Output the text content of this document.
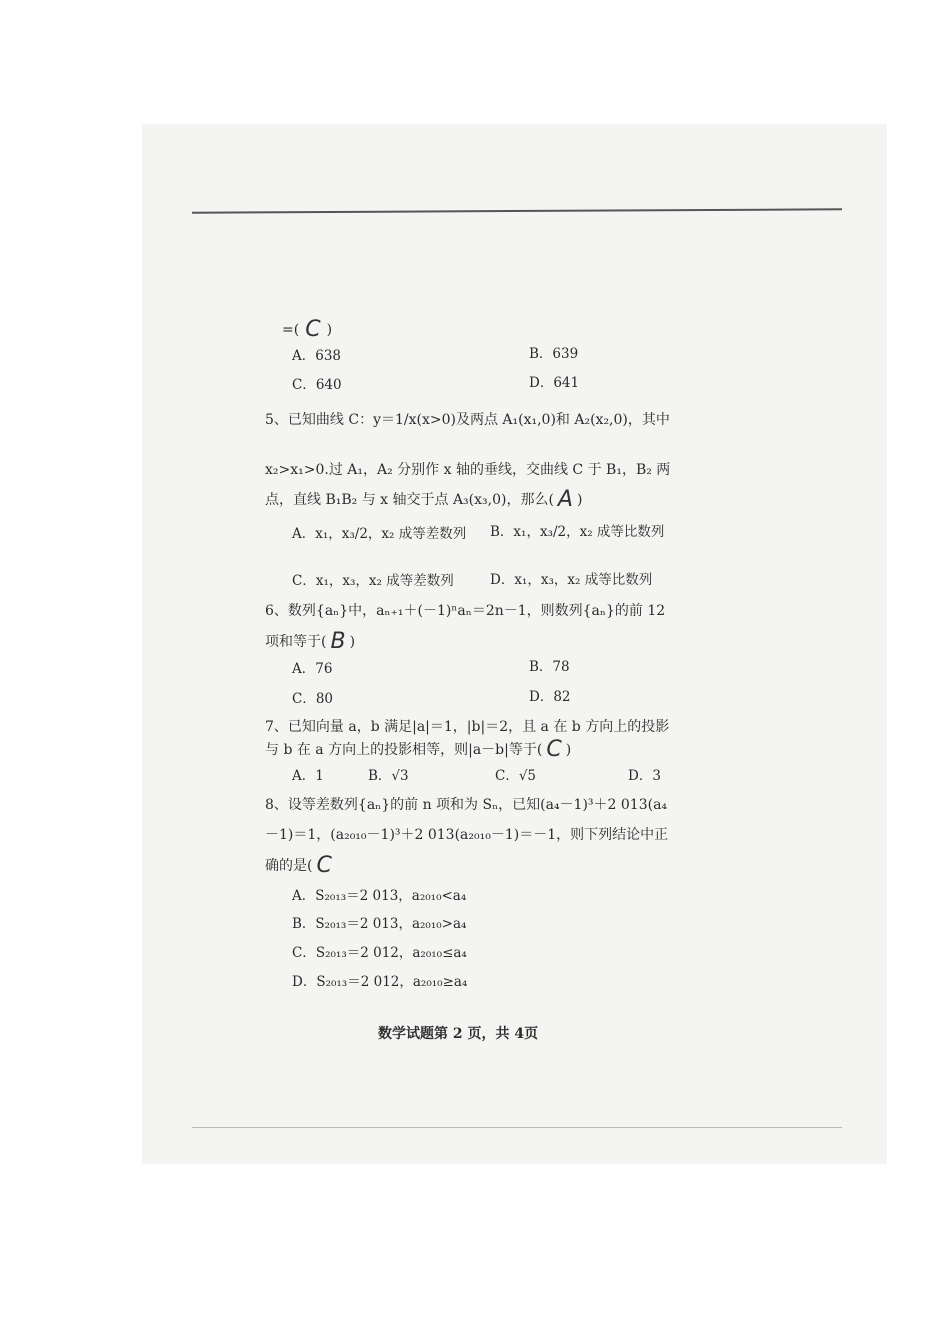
=( C )
A．638	B．639
C．640	D．641
5、已知曲线 C：y＝1/x(x>0)及两点 A₁(x₁,0)和 A₂(x₂,0)，其中
x₂>x₁>0.过 A₁，A₂ 分别作 x 轴的垂线，交曲线 C 于 B₁，B₂ 两
点，直线 B₁B₂ 与 x 轴交于点 A₃(x₃,0)，那么( A )
A．x₁，x₃/2，x₂ 成等差数列 B．x₁，x₃/2，x₂ 成等比数列
C．x₁，x₃，x₂ 成等差数列	D．x₁，x₃，x₂ 成等比数列
6、数列{aₙ}中，aₙ₊₁＋(－1)ⁿaₙ＝2n－1，则数列{aₙ}的前 12
项和等于( B )
A．76	B．78
C．80	D．82
7、已知向量 a，b 满足|a|＝1，|b|＝2，且 a 在 b 方向上的投影
与 b 在 a 方向上的投影相等，则|a－b|等于( C )
A．1	B．√3	C．√5	D．3
8、设等差数列{aₙ}的前 n 项和为 Sₙ，已知(a₄－1)³＋2 013(a₄
－1)＝1，(a₂₀₁₀－1)³＋2 013(a₂₀₁₀－1)＝－1，则下列结论中正
确的是( C
A．S₂₀₁₃＝2 013，a₂₀₁₀<a₄
B．S₂₀₁₃＝2 013，a₂₀₁₀>a₄
C．S₂₀₁₃＝2 012，a₂₀₁₀≤a₄
D．S₂₀₁₃＝2 012，a₂₀₁₀≥a₄
数学试题第 2 页，共 4页
